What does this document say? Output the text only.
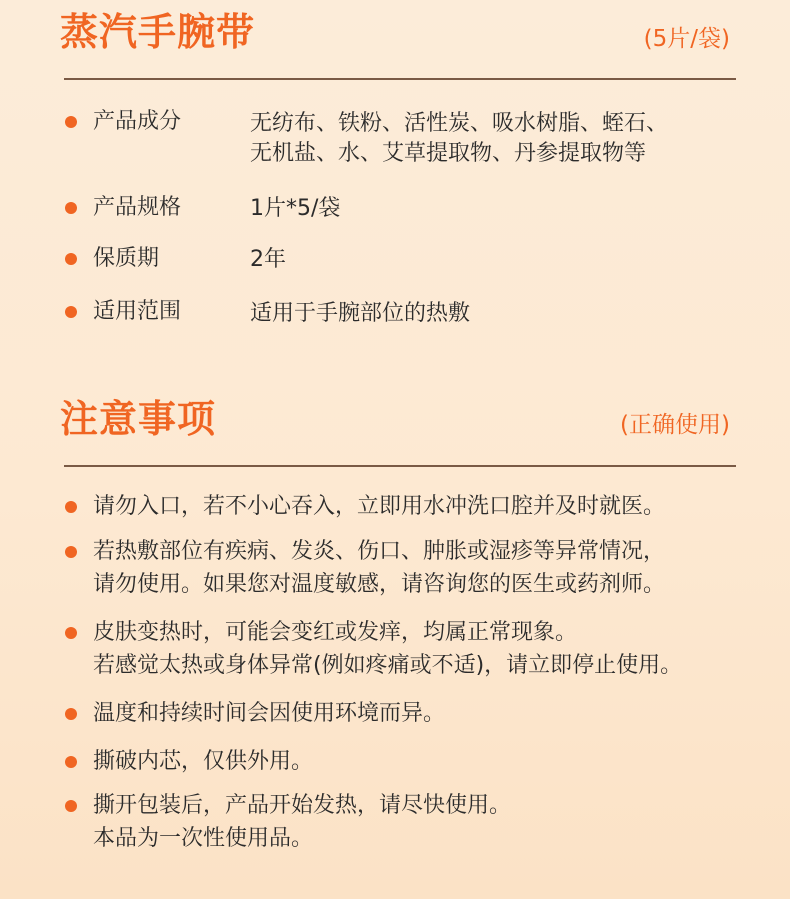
蒸汽手腕带	(5片/袋)
产品成分	无纺布、铁粉、活性炭、吸水树脂、蛭石、
无机盐、水、艾草提取物、丹参提取物等
产品规格	1片*5/袋
保质期	2年
适用范围	适用于手腕部位的热敷
注意事项	(正确使用)
请勿入口，若不小心吞入，立即用水冲洗口腔并及时就医。
若热敷部位有疾病、发炎、伤口、肿胀或湿疹等异常情况，
请勿使用。如果您对温度敏感，请咨询您的医生或药剂师。
皮肤变热时，可能会变红或发痒，均属正常现象。
若感觉太热或身体异常(例如疼痛或不适)，请立即停止使用。
温度和持续时间会因使用环境而异。
撕破内芯，仅供外用。
撕开包装后，产品开始发热，请尽快使用。
本品为一次性使用品。
